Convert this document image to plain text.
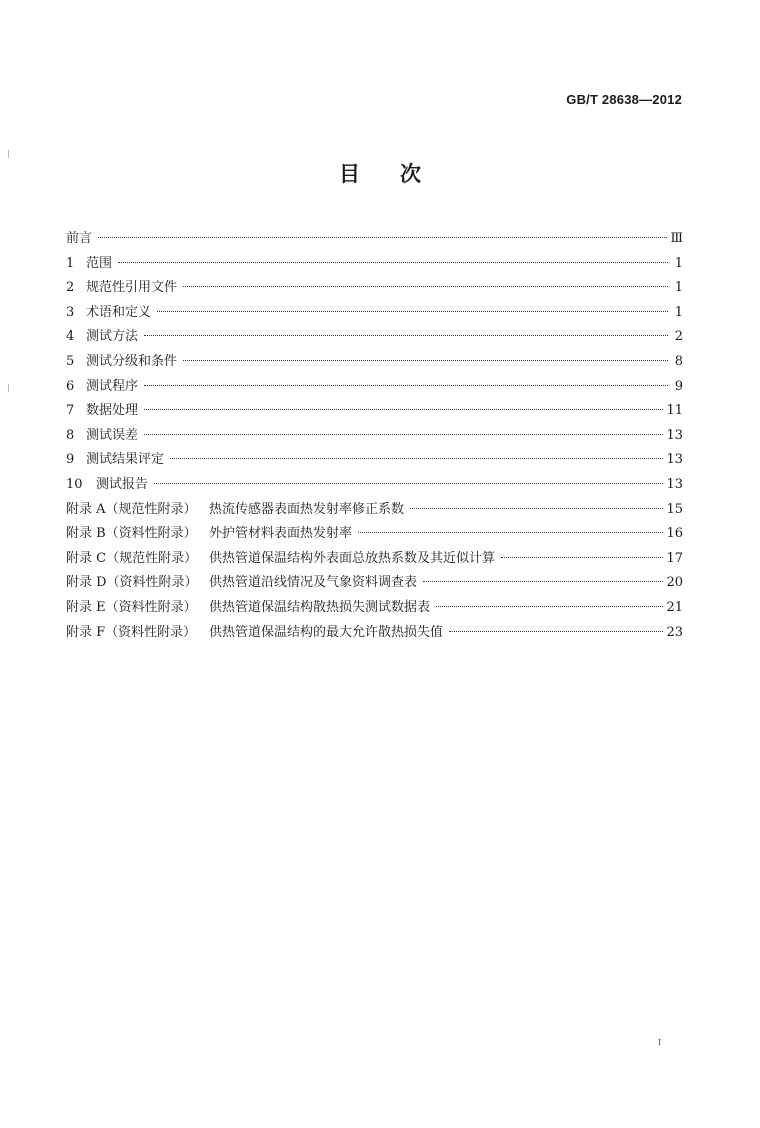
GB/T 28638—2012
目次
前言	Ⅲ
1 范围	1
2 规范性引用文件	1
3 术语和定义	1
4 测试方法	2
5 测试分级和条件	8
6 测试程序	9
7 数据处理	11
8 测试误差	13
9 测试结果评定	13
10	测试报告	13
附录 A（规范性附录） 热流传感器表面热发射率修正系数	15
附录 B（资料性附录） 外护管材料表面热发射率	16
附录 C（规范性附录） 供热管道保温结构外表面总放热系数及其近似计算	17
附录 D（资料性附录） 供热管道沿线情况及气象资料调查表	20
附录 E（资料性附录） 供热管道保温结构散热损失测试数据表	21
附录 F（资料性附录） 供热管道保温结构的最大允许散热损失值	23
Ⅰ
